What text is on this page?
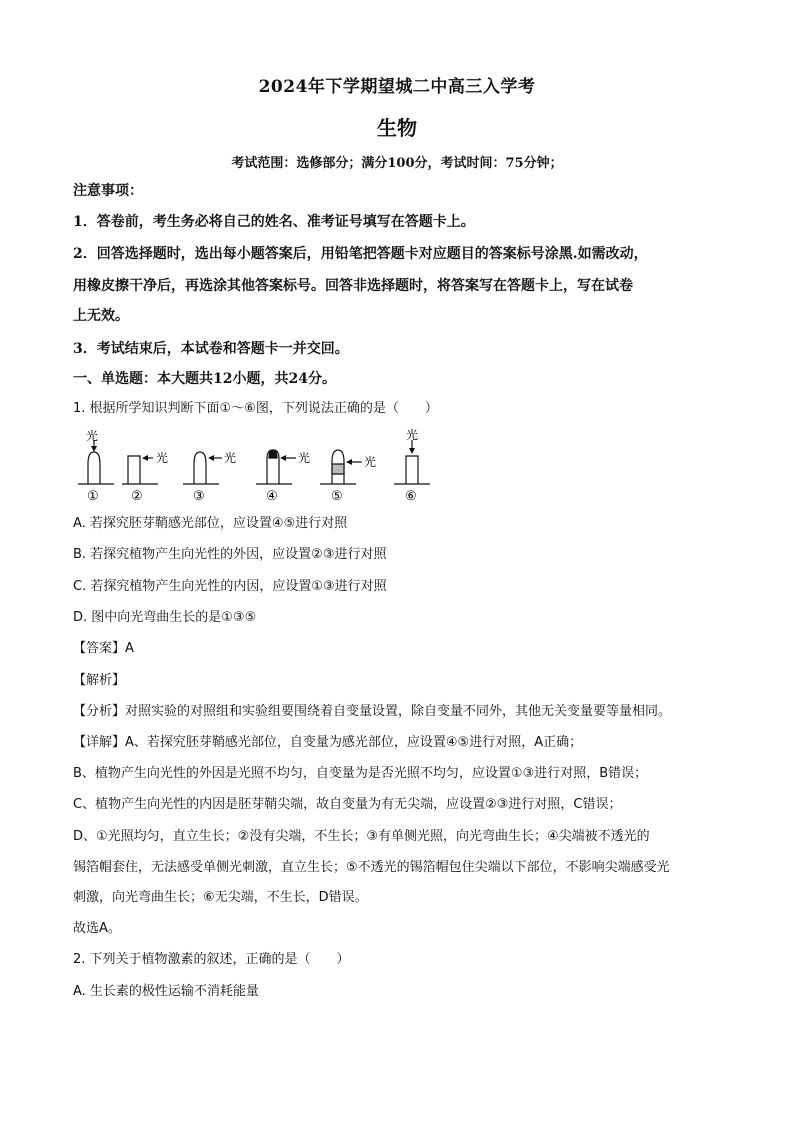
2024年下学期望城二中高三入学考
生物
考试范围：选修部分；满分100分，考试时间：75分钟；
注意事项：
1．答卷前，考生务必将自己的姓名、准考证号填写在答题卡上。
2．回答选择题时，选出每小题答案后，用铅笔把答题卡对应题目的答案标号涂黑.如需改动，
用橡皮擦干净后，再选涂其他答案标号。回答非选择题时，将答案写在答题卡上，写在试卷
上无效。
3．考试结束后，本试卷和答题卡一并交回。
一、单选题：本大题共12小题，共24分。
1. 根据所学知识判断下面①～⑥图，下列说法正确的是（　　）
光
光	光	光	光
光
① ②	③	④	⑤	⑥
A. 若探究胚芽鞘感光部位，应设置④⑤进行对照
B. 若探究植物产生向光性的外因，应设置②③进行对照
C. 若探究植物产生向光性的内因，应设置①③进行对照
D. 图中向光弯曲生长的是①③⑤
【答案】A
【解析】
【分析】对照实验的对照组和实验组要围绕着自变量设置，除自变量不同外，其他无关变量要等量相同。
【详解】A、若探究胚芽鞘感光部位，自变量为感光部位，应设置④⑤进行对照，A正确；
B、植物产生向光性的外因是光照不均匀，自变量为是否光照不均匀，应设置①③进行对照，B错误；
C、植物产生向光性的内因是胚芽鞘尖端，故自变量为有无尖端，应设置②③进行对照，C错误；
D、①光照均匀，直立生长；②没有尖端，不生长；③有单侧光照，向光弯曲生长；④尖端被不透光的
锡箔帽套住，无法感受单侧光刺激，直立生长；⑤不透光的锡箔帽包住尖端以下部位，不影响尖端感受光
刺激，向光弯曲生长；⑥无尖端，不生长，D错误。
故选A。
2. 下列关于植物激素的叙述，正确的是（　　）
A. 生长素的极性运输不消耗能量
